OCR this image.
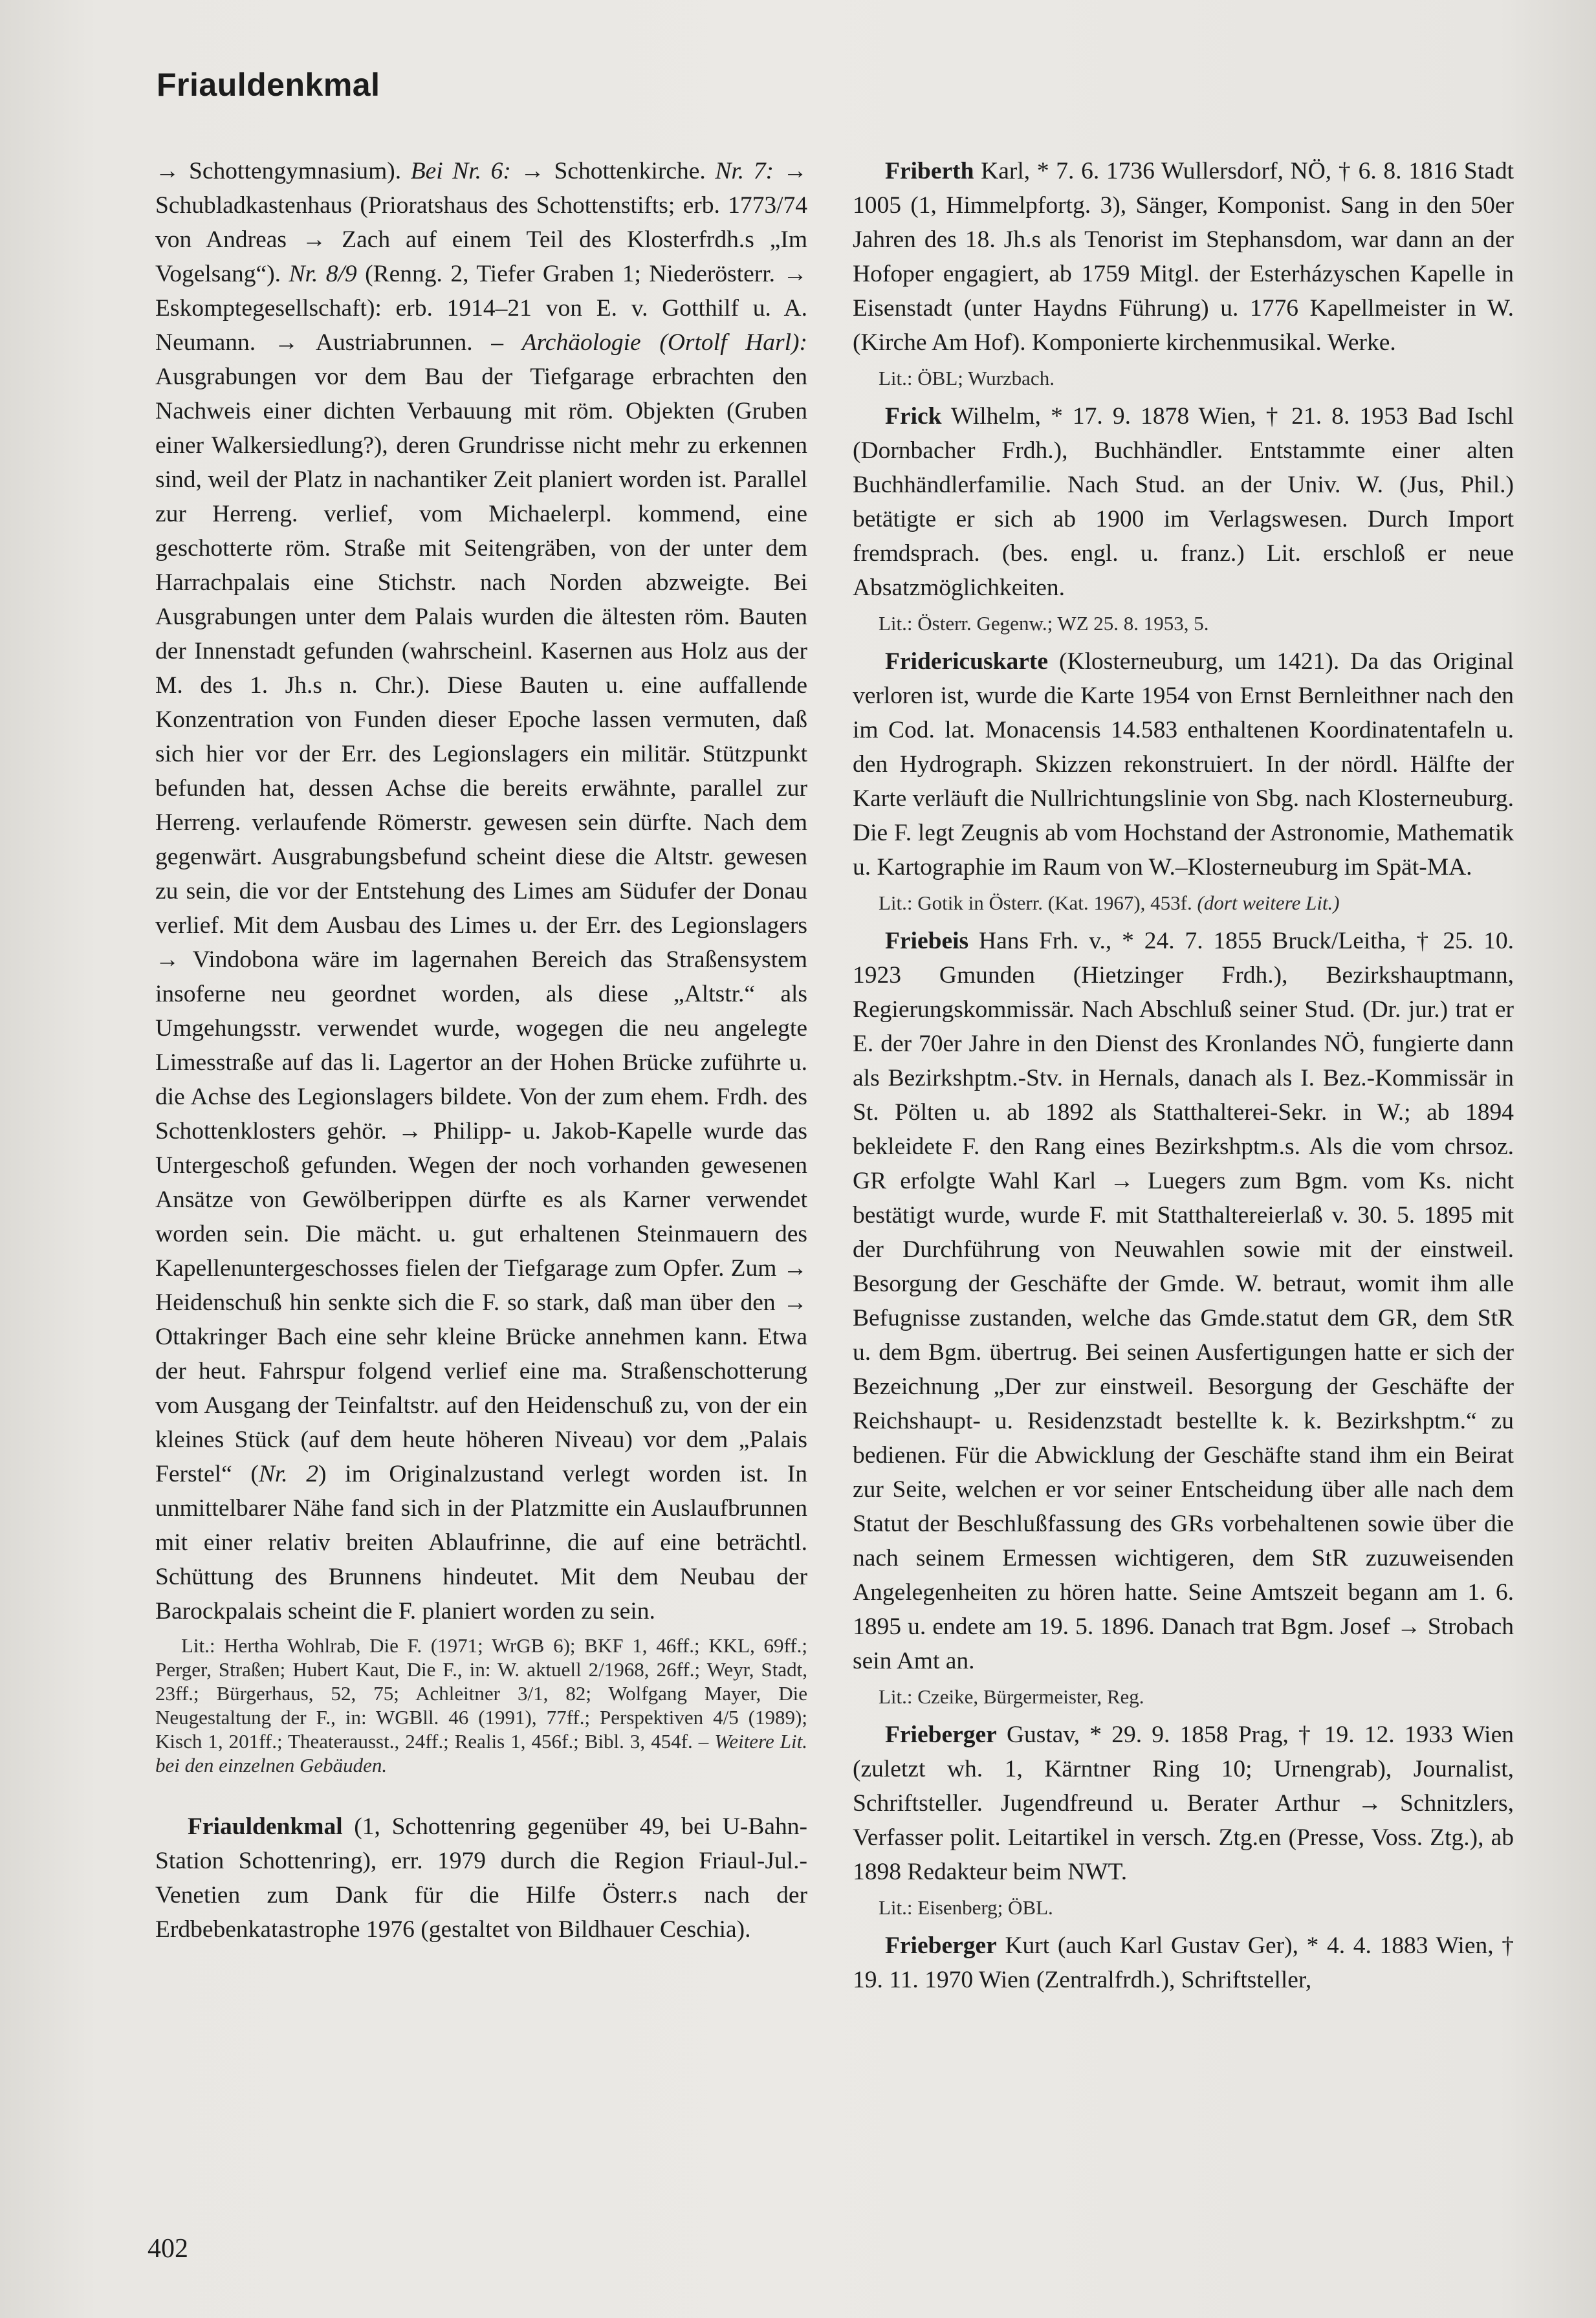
Friauldenkmal

→ Schottengymnasium). Bei Nr. 6: → Schottenkirche. Nr. 7: → Schubladkastenhaus (Prioratshaus des Schottenstifts; erb. 1773/74 von Andreas → Zach auf einem Teil des Klosterfrdh.s „Im Vogelsang“). Nr. 8/9 (Renng. 2, Tiefer Graben 1; Niederösterr. → Eskomptegesellschaft): erb. 1914–21 von E. v. Gotthilf u. A. Neumann. → Austriabrunnen. – Archäologie (Ortolf Harl): Ausgrabungen vor dem Bau der Tiefgarage erbrachten den Nachweis einer dichten Verbauung mit röm. Objekten (Gruben einer Walkersiedlung?), deren Grundrisse nicht mehr zu erkennen sind, weil der Platz in nachantiker Zeit planiert worden ist. Parallel zur Herreng. verlief, vom Michaelerpl. kommend, eine geschotterte röm. Straße mit Seitengräben, von der unter dem Harrachpalais eine Stichstr. nach Norden abzweigte. Bei Ausgrabungen unter dem Palais wurden die ältesten röm. Bauten der Innenstadt gefunden (wahrscheinl. Kasernen aus Holz aus der M. des 1. Jh.s n. Chr.). Diese Bauten u. eine auffallende Konzentration von Funden dieser Epoche lassen vermuten, daß sich hier vor der Err. des Legionslagers ein militär. Stützpunkt befunden hat, dessen Achse die bereits erwähnte, parallel zur Herreng. verlaufende Römerstr. gewesen sein dürfte. Nach dem gegenwärt. Ausgrabungsbefund scheint diese die Altstr. gewesen zu sein, die vor der Entstehung des Limes am Südufer der Donau verlief. Mit dem Ausbau des Limes u. der Err. des Legionslagers → Vindobona wäre im lagernahen Bereich das Straßensystem insoferne neu geordnet worden, als diese „Altstr.“ als Umgehungsstr. verwendet wurde, wogegen die neu angelegte Limesstraße auf das li. Lagertor an der Hohen Brücke zuführte u. die Achse des Legionslagers bildete. Von der zum ehem. Frdh. des Schottenklosters gehör. → Philipp- u. Jakob-Kapelle wurde das Untergeschoß gefunden. Wegen der noch vorhanden gewesenen Ansätze von Gewölberippen dürfte es als Karner verwendet worden sein. Die mächt. u. gut erhaltenen Steinmauern des Kapellenuntergeschosses fielen der Tiefgarage zum Opfer. Zum → Heidenschuß hin senkte sich die F. so stark, daß man über den → Ottakringer Bach eine sehr kleine Brücke annehmen kann. Etwa der heut. Fahrspur folgend verlief eine ma. Straßenschotterung vom Ausgang der Teinfaltstr. auf den Heidenschuß zu, von der ein kleines Stück (auf dem heute höheren Niveau) vor dem „Palais Ferstel“ (Nr. 2) im Originalzustand verlegt worden ist. In unmittelbarer Nähe fand sich in der Platzmitte ein Auslaufbrunnen mit einer relativ breiten Ablaufrinne, die auf eine beträchtl. Schüttung des Brunnens hindeutet. Mit dem Neubau der Barockpalais scheint die F. planiert worden zu sein.

Lit.: Hertha Wohlrab, Die F. (1971; WrGB 6); BKF 1, 46ff.; KKL, 69ff.; Perger, Straßen; Hubert Kaut, Die F., in: W. aktuell 2/1968, 26ff.; Weyr, Stadt, 23ff.; Bürgerhaus, 52, 75; Achleitner 3/1, 82; Wolfgang Mayer, Die Neugestaltung der F., in: WGBll. 46 (1991), 77ff.; Perspektiven 4/5 (1989); Kisch 1, 201ff.; Theaterausst., 24ff.; Realis 1, 456f.; Bibl. 3, 454f. – Weitere Lit. bei den einzelnen Gebäuden.

Friauldenkmal (1, Schottenring gegenüber 49, bei U-Bahn-Station Schottenring), err. 1979 durch die Region Friaul-Jul.-Venetien zum Dank für die Hilfe Österr.s nach der Erdbebenkatastrophe 1976 (gestaltet von Bildhauer Ceschia).

Friberth Karl, * 7. 6. 1736 Wullersdorf, NÖ, † 6. 8. 1816 Stadt 1005 (1, Himmelpfortg. 3), Sänger, Komponist. Sang in den 50er Jahren des 18. Jh.s als Tenorist im Stephansdom, war dann an der Hofoper engagiert, ab 1759 Mitgl. der Esterházyschen Kapelle in Eisenstadt (unter Haydns Führung) u. 1776 Kapellmeister in W. (Kirche Am Hof). Komponierte kirchenmusikal. Werke.

Lit.: ÖBL; Wurzbach.

Frick Wilhelm, * 17. 9. 1878 Wien, † 21. 8. 1953 Bad Ischl (Dornbacher Frdh.), Buchhändler. Entstammte einer alten Buchhändlerfamilie. Nach Stud. an der Univ. W. (Jus, Phil.) betätigte er sich ab 1900 im Verlagswesen. Durch Import fremdsprach. (bes. engl. u. franz.) Lit. erschloß er neue Absatzmöglichkeiten.

Lit.: Österr. Gegenw.; WZ 25. 8. 1953, 5.

Fridericuskarte (Klosterneuburg, um 1421). Da das Original verloren ist, wurde die Karte 1954 von Ernst Bernleithner nach den im Cod. lat. Monacensis 14.583 enthaltenen Koordinatentafeln u. den Hydrograph. Skizzen rekonstruiert. In der nördl. Hälfte der Karte verläuft die Nullrichtungslinie von Sbg. nach Klosterneuburg. Die F. legt Zeugnis ab vom Hochstand der Astronomie, Mathematik u. Kartographie im Raum von W.–Klosterneuburg im Spät-MA.

Lit.: Gotik in Österr. (Kat. 1967), 453f. (dort weitere Lit.)

Friebeis Hans Frh. v., * 24. 7. 1855 Bruck/Leitha, † 25. 10. 1923 Gmunden (Hietzinger Frdh.), Bezirkshauptmann, Regierungskommissär. Nach Abschluß seiner Stud. (Dr. jur.) trat er E. der 70er Jahre in den Dienst des Kronlandes NÖ, fungierte dann als Bezirkshptm.-Stv. in Hernals, danach als I. Bez.-Kommissär in St. Pölten u. ab 1892 als Statthalterei-Sekr. in W.; ab 1894 bekleidete F. den Rang eines Bezirkshptm.s. Als die vom chrsoz. GR erfolgte Wahl Karl → Luegers zum Bgm. vom Ks. nicht bestätigt wurde, wurde F. mit Statthaltereierlaß v. 30. 5. 1895 mit der Durchführung von Neuwahlen sowie mit der einstweil. Besorgung der Geschäfte der Gmde. W. betraut, womit ihm alle Befugnisse zustanden, welche das Gmde.statut dem GR, dem StR u. dem Bgm. übertrug. Bei seinen Ausfertigungen hatte er sich der Bezeichnung „Der zur einstweil. Besorgung der Geschäfte der Reichshaupt- u. Residenzstadt bestellte k. k. Bezirkshptm.“ zu bedienen. Für die Abwicklung der Geschäfte stand ihm ein Beirat zur Seite, welchen er vor seiner Entscheidung über alle nach dem Statut der Beschlußfassung des GRs vorbehaltenen sowie über die nach seinem Ermessen wichtigeren, dem StR zuzuweisenden Angelegenheiten zu hören hatte. Seine Amtszeit begann am 1. 6. 1895 u. endete am 19. 5. 1896. Danach trat Bgm. Josef → Strobach sein Amt an.

Lit.: Czeike, Bürgermeister, Reg.

Frieberger Gustav, * 29. 9. 1858 Prag, † 19. 12. 1933 Wien (zuletzt wh. 1, Kärntner Ring 10; Urnengrab), Journalist, Schriftsteller. Jugendfreund u. Berater Arthur → Schnitzlers, Verfasser polit. Leitartikel in versch. Ztg.en (Presse, Voss. Ztg.), ab 1898 Redakteur beim NWT.

Lit.: Eisenberg; ÖBL.

Frieberger Kurt (auch Karl Gustav Ger), * 4. 4. 1883 Wien, † 19. 11. 1970 Wien (Zentralfrdh.), Schriftsteller,

402
